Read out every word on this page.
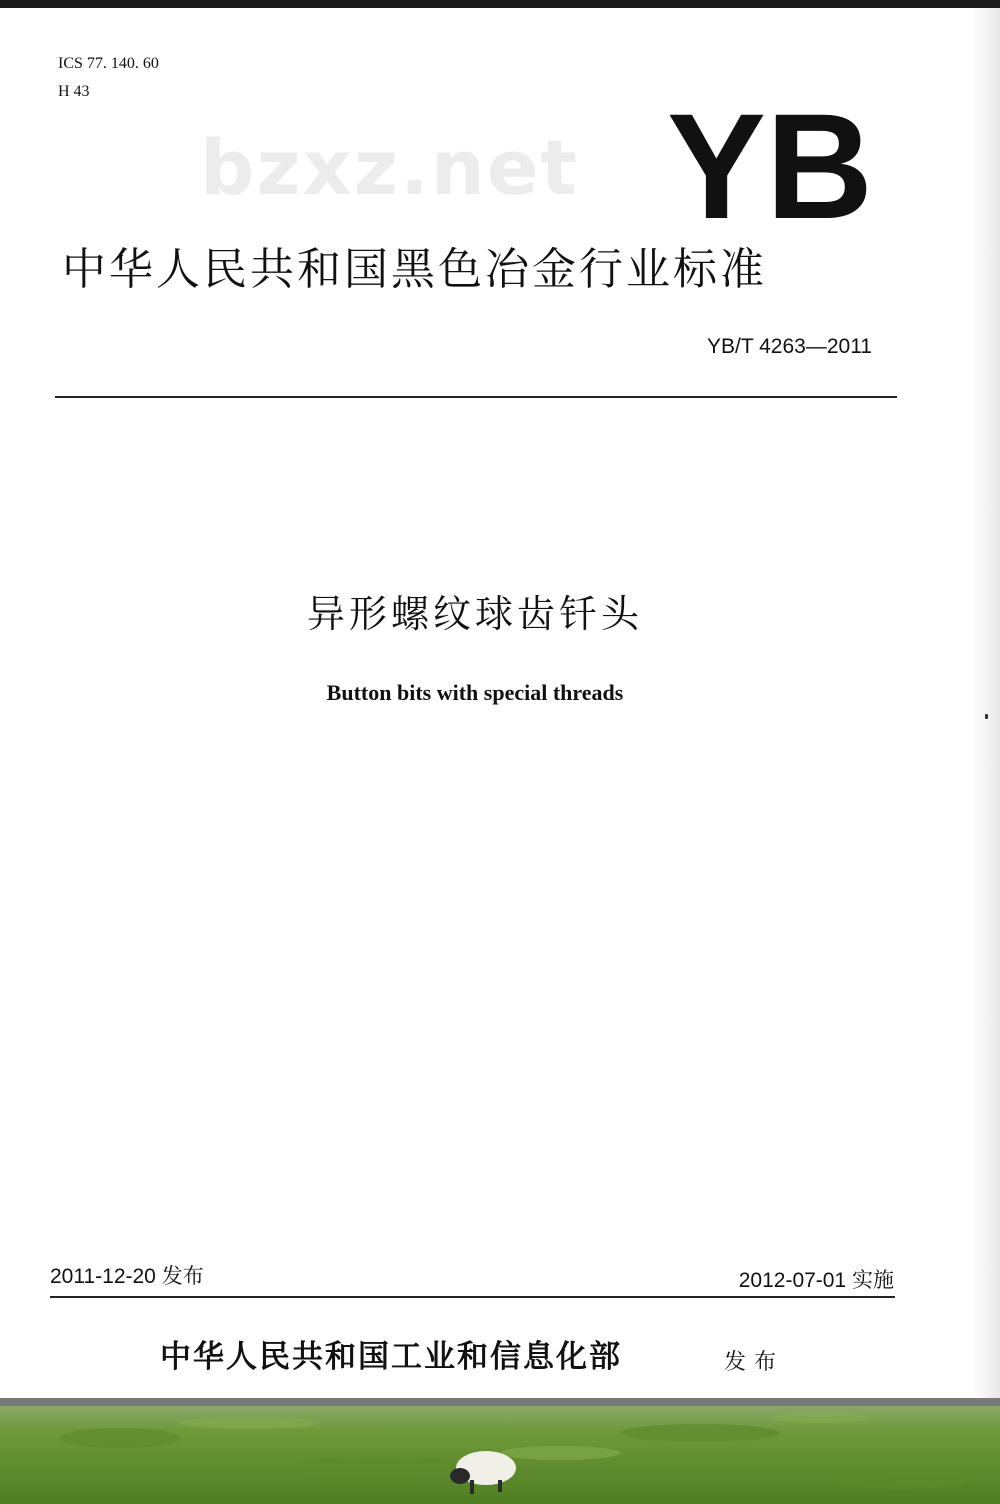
ICS 77. 140. 60
H 43
bzxz.net YB
中华人民共和国黑色冶金行业标准
YB/T 4263—2011
异形螺纹球齿钎头
Button bits with special threads
2011-12-20 发布	2012-07-01 实施
中华人民共和国工业和信息化部	发布
